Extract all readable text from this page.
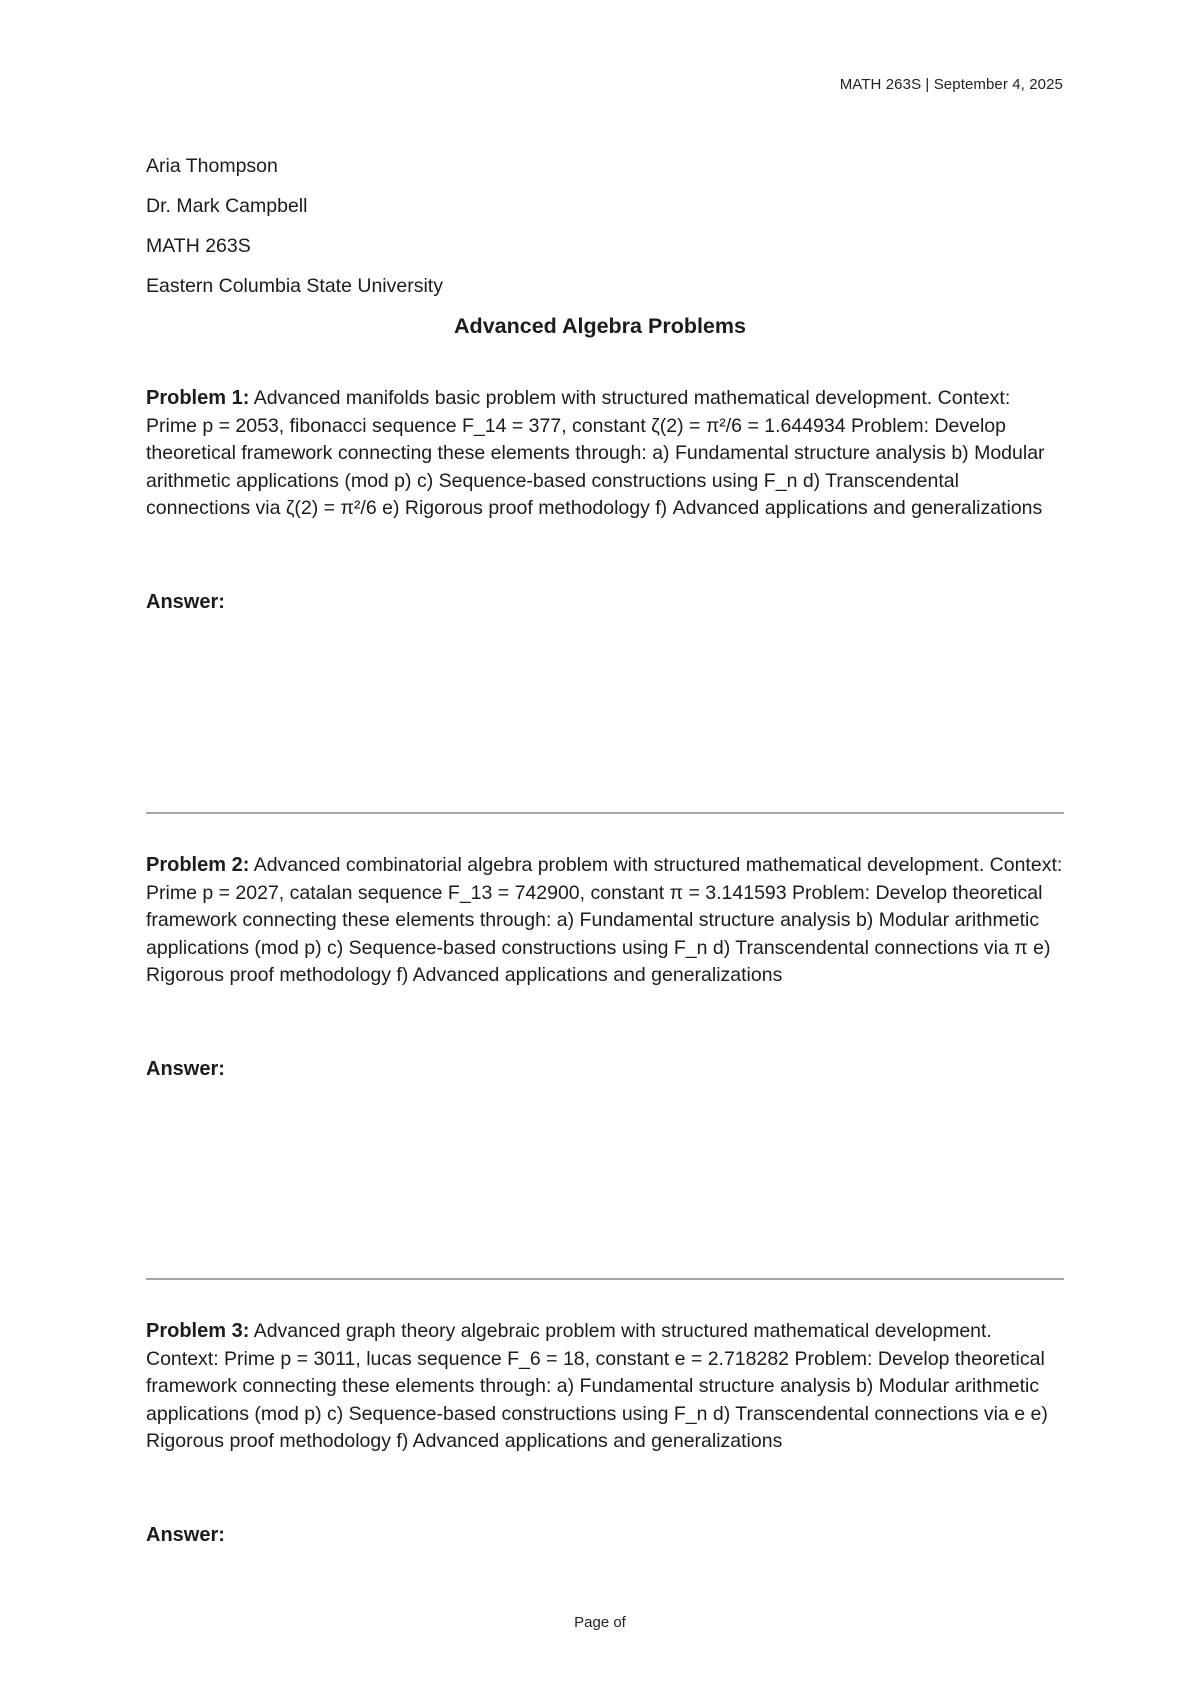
MATH 263S | September 4, 2025
Aria Thompson
Dr. Mark Campbell
MATH 263S
Eastern Columbia State University
Advanced Algebra Problems
Problem 1: Advanced manifolds basic problem with structured mathematical development. Context: Prime p = 2053, fibonacci sequence F_14 = 377, constant ζ(2) = π²/6 = 1.644934 Problem: Develop theoretical framework connecting these elements through: a) Fundamental structure analysis b) Modular arithmetic applications (mod p) c) Sequence-based constructions using F_n d) Transcendental connections via ζ(2) = π²/6 e) Rigorous proof methodology f) Advanced applications and generalizations
Answer:
Problem 2: Advanced combinatorial algebra problem with structured mathematical development. Context: Prime p = 2027, catalan sequence F_13 = 742900, constant π = 3.141593 Problem: Develop theoretical framework connecting these elements through: a) Fundamental structure analysis b) Modular arithmetic applications (mod p) c) Sequence-based constructions using F_n d) Transcendental connections via π e) Rigorous proof methodology f) Advanced applications and generalizations
Answer:
Problem 3: Advanced graph theory algebraic problem with structured mathematical development. Context: Prime p = 3011, lucas sequence F_6 = 18, constant e = 2.718282 Problem: Develop theoretical framework connecting these elements through: a) Fundamental structure analysis b) Modular arithmetic applications (mod p) c) Sequence-based constructions using F_n d) Transcendental connections via e e) Rigorous proof methodology f) Advanced applications and generalizations
Answer:
Page of
